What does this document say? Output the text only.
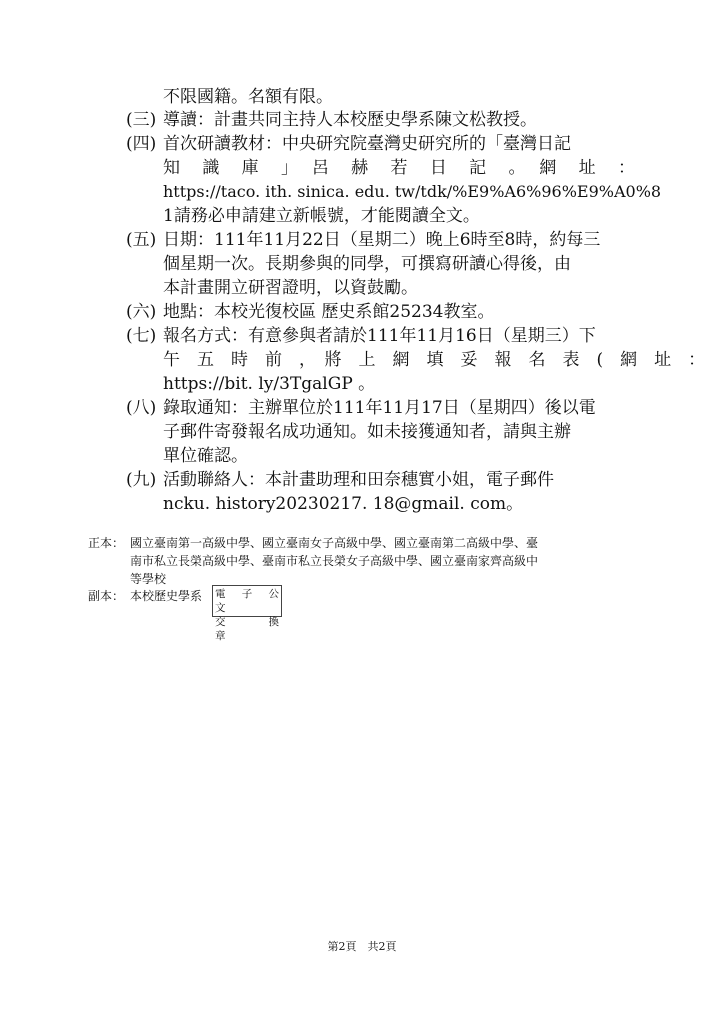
不限國籍。名額有限。
(三) 導讀：計畫共同主持人本校歷史學系陳文松教授。
(四) 首次研讀教材：中央研究院臺灣史研究所的「臺灣日記
知　識　庫　」　呂　赫　若　日　記　。　網　址　：
https://taco. ith. sinica. edu. tw/tdk/%E9%A6%96%E9%A0%8
1請務必申請建立新帳號，才能閱讀全文。
(五) 日期：111年11月22日（星期二）晚上6時至8時，約每三
個星期一次。長期參與的同學，可撰寫研讀心得後，由
本計畫開立研習證明，以資鼓勵。
(六) 地點：本校光復校區 歷史系館25234教室。
(七) 報名方式：有意參與者請於111年11月16日（星期三）下
午　五　時　前　，　將　上　網　填　妥　報　名　表　(　網　址　：
https://bit. ly/3TgalGP 。
(八) 錄取通知：主辦單位於111年11月17日（星期四）後以電
子郵件寄發報名成功通知。如未接獲通知者，請與主辦
單位確認。
(九) 活動聯絡人：本計畫助理和田奈穗實小姐，電子郵件
ncku. history20230217. 18@gmail. com。
正本： 國立臺南第一高級中學、國立臺南女子高級中學、國立臺南第二高級中學、臺
南市私立長榮高級中學、臺南市私立長榮女子高級中學、國立臺南家齊高級中
等學校
副本： 本校歷史學系 電　子　公　文
交　　換　　章
第2頁　共2頁
